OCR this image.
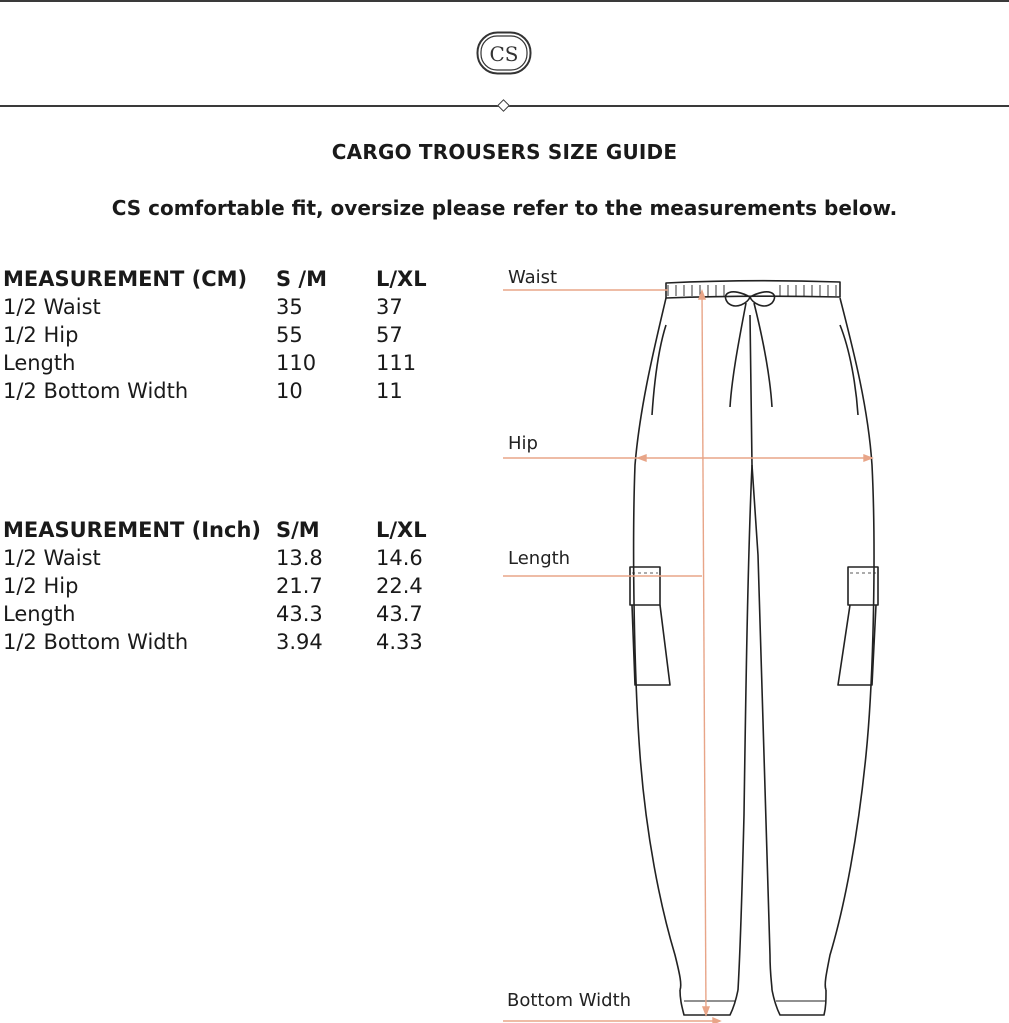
CS
CARGO TROUSERS SIZE GUIDE
CS comfortable fit, oversize please refer to the measurements below.
MEASUREMENT (CM)	S /M	L/XL
1/2 Waist	35	37
1/2 Hip	55	57
Length	110	111
1/2 Bottom Width	10	11
MEASUREMENT (Inch)	S/M	L/XL
1/2 Waist	13.8	14.6
1/2 Hip	21.7	22.4
Length	43.3	43.7
1/2 Bottom Width	3.94	4.33
Waist
Hip
Length
Bottom Width
